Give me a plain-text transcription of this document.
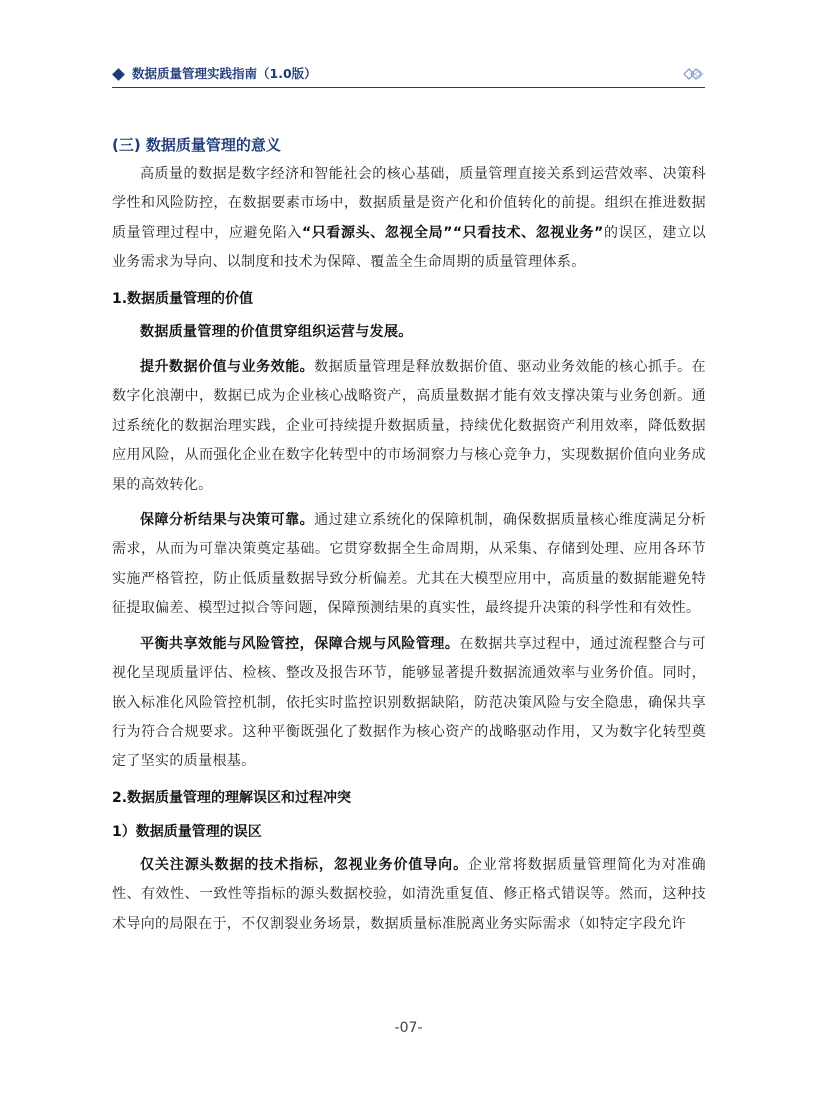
数据质量管理实践指南（1.0版）
(三) 数据质量管理的意义

高质量的数据是数字经济和智能社会的核心基础，质量管理直接关系到运营效率、决策科学性和风险防控，在数据要素市场中，数据质量是资产化和价值转化的前提。组织在推进数据质量管理过程中，应避免陷入“只看源头、忽视全局”“只看技术、忽视业务”的误区，建立以业务需求为导向、以制度和技术为保障、覆盖全生命周期的质量管理体系。

1.数据质量管理的价值

数据质量管理的价值贯穿组织运营与发展。

提升数据价值与业务效能。数据质量管理是释放数据价值、驱动业务效能的核心抓手。在数字化浪潮中，数据已成为企业核心战略资产，高质量数据才能有效支撑决策与业务创新。通过系统化的数据治理实践，企业可持续提升数据质量，持续优化数据资产利用效率，降低数据应用风险，从而强化企业在数字化转型中的市场洞察力与核心竞争力，实现数据价值向业务成果的高效转化。

保障分析结果与决策可靠。通过建立系统化的保障机制，确保数据质量核心维度满足分析需求，从而为可靠决策奠定基础。它贯穿数据全生命周期，从采集、存储到处理、应用各环节实施严格管控，防止低质量数据导致分析偏差。尤其在大模型应用中，高质量的数据能避免特征提取偏差、模型过拟合等问题，保障预测结果的真实性，最终提升决策的科学性和有效性。

平衡共享效能与风险管控，保障合规与风险管理。在数据共享过程中，通过流程整合与可视化呈现质量评估、检核、整改及报告环节，能够显著提升数据流通效率与业务价值。同时，嵌入标准化风险管控机制，依托实时监控识别数据缺陷，防范决策风险与安全隐患，确保共享行为符合合规要求。这种平衡既强化了数据作为核心资产的战略驱动作用，又为数字化转型奠定了坚实的质量根基。

2.数据质量管理的理解误区和过程冲突
1）数据质量管理的误区

仅关注源头数据的技术指标，忽视业务价值导向。企业常将数据质量管理简化为对准确性、有效性、一致性等指标的源头数据校验，如清洗重复值、修正格式错误等。然而，这种技术导向的局限在于，不仅割裂业务场景，数据质量标准脱离业务实际需求（如特定字段允许

-07-
